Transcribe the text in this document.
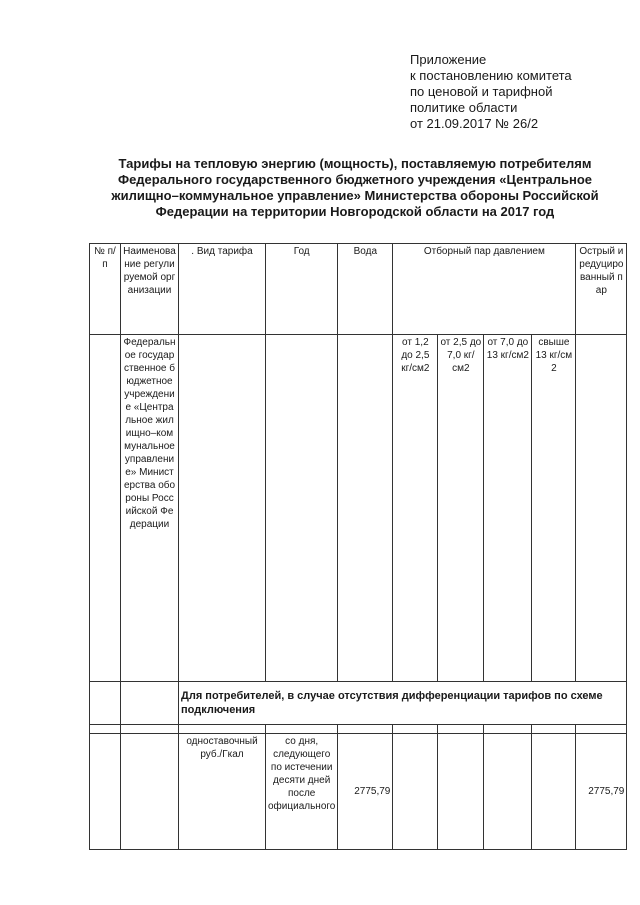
Приложение
к постановлению комитета
по ценовой и тарифной
политике области
от 21.09.2017 № 26/2
Тарифы на тепловую энергию (мощность), поставляемую потребителям
Федерального государственного бюджетного учреждения «Центральное
жилищно–коммунальное управление» Министерства обороны Российской
Федерации на территории Новгородской области на 2017 год
№ п/п	Наименование регулируемой организации	. Вид тарифа	Год	Вода	Отборный пар давлением				Острый и редуцированный пар
	Федеральное государственное бюджетное учреждение «Центральное жилищно–коммунальное управление» Министерства обороны Российской Федерации				от 1,2 до 2,5 кг/см2	от 2,5 до 7,0 кг/см2	от 7,0 до 13 кг/см2	свыше 13 кг/см2	
		Для потребителей, в случае отсутствия дифференциации тарифов по схеме подключения							

		одноставочный руб./Гкал	со дня, следующего по истечении десяти дней после официального	2775,79					2775,79
